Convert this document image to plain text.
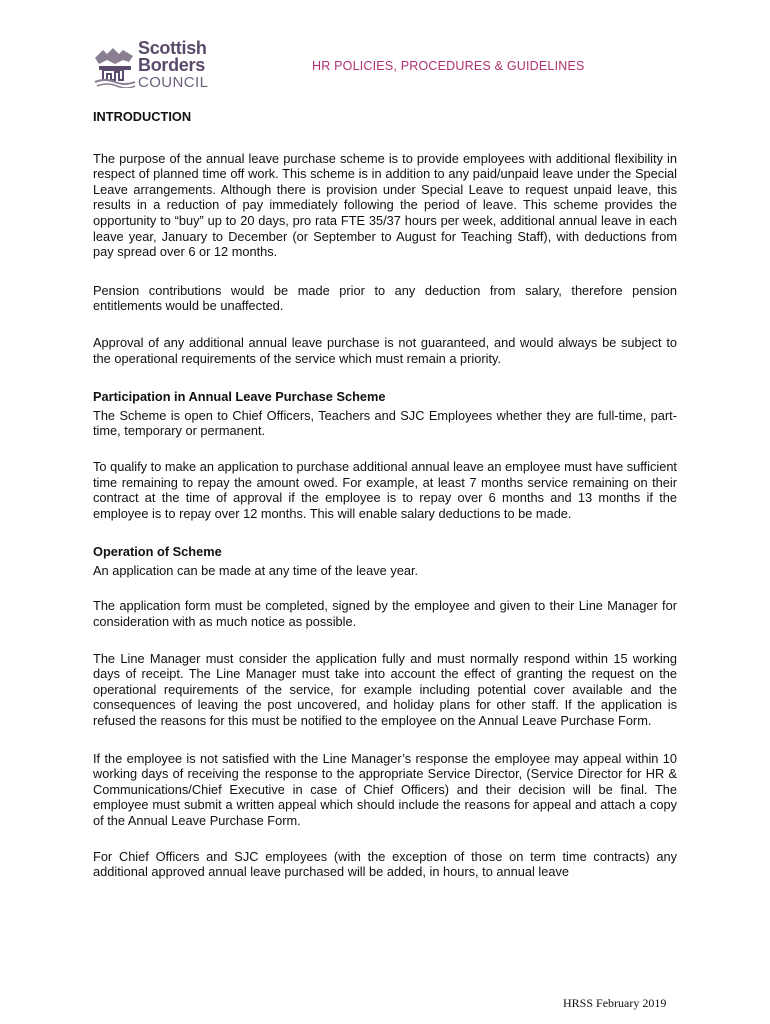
Scottish
Borders
COUNCIL
HR POLICIES, PROCEDURES & GUIDELINES

INTRODUCTION

The purpose of the annual leave purchase scheme is to provide employees with additional flexibility in respect of planned time off work. This scheme is in addition to any paid/unpaid leave under the Special Leave arrangements. Although there is provision under Special Leave to request unpaid leave, this results in a reduction of pay immediately following the period of leave. This scheme provides the opportunity to “buy” up to 20 days, pro rata FTE 35/37 hours per week, additional annual leave in each leave year, January to December (or September to August for Teaching Staff), with deductions from pay spread over 6 or 12 months.

Pension contributions would be made prior to any deduction from salary, therefore pension entitlements would be unaffected.

Approval of any additional annual leave purchase is not guaranteed, and would always be subject to the operational requirements of the service which must remain a priority.

Participation in Annual Leave Purchase Scheme

The Scheme is open to Chief Officers, Teachers and SJC Employees whether they are full-time, part-time, temporary or permanent.

To qualify to make an application to purchase additional annual leave an employee must have sufficient time remaining to repay the amount owed. For example, at least 7 months service remaining on their contract at the time of approval if the employee is to repay over 6 months and 13 months if the employee is to repay over 12 months. This will enable salary deductions to be made.

Operation of Scheme

An application can be made at any time of the leave year.

The application form must be completed, signed by the employee and given to their Line Manager for consideration with as much notice as possible.

The Line Manager must consider the application fully and must normally respond within 15 working days of receipt. The Line Manager must take into account the effect of granting the request on the operational requirements of the service, for example including potential cover available and the consequences of leaving the post uncovered, and holiday plans for other staff. If the application is refused the reasons for this must be notified to the employee on the Annual Leave Purchase Form.

If the employee is not satisfied with the Line Manager’s response the employee may appeal within 10 working days of receiving the response to the appropriate Service Director, (Service Director for HR & Communications/Chief Executive in case of Chief Officers) and their decision will be final. The employee must submit a written appeal which should include the reasons for appeal and attach a copy of the Annual Leave Purchase Form.

For Chief Officers and SJC employees (with the exception of those on term time contracts) any additional approved annual leave purchased will be added, in hours, to annual leave

HRSS February 2019
